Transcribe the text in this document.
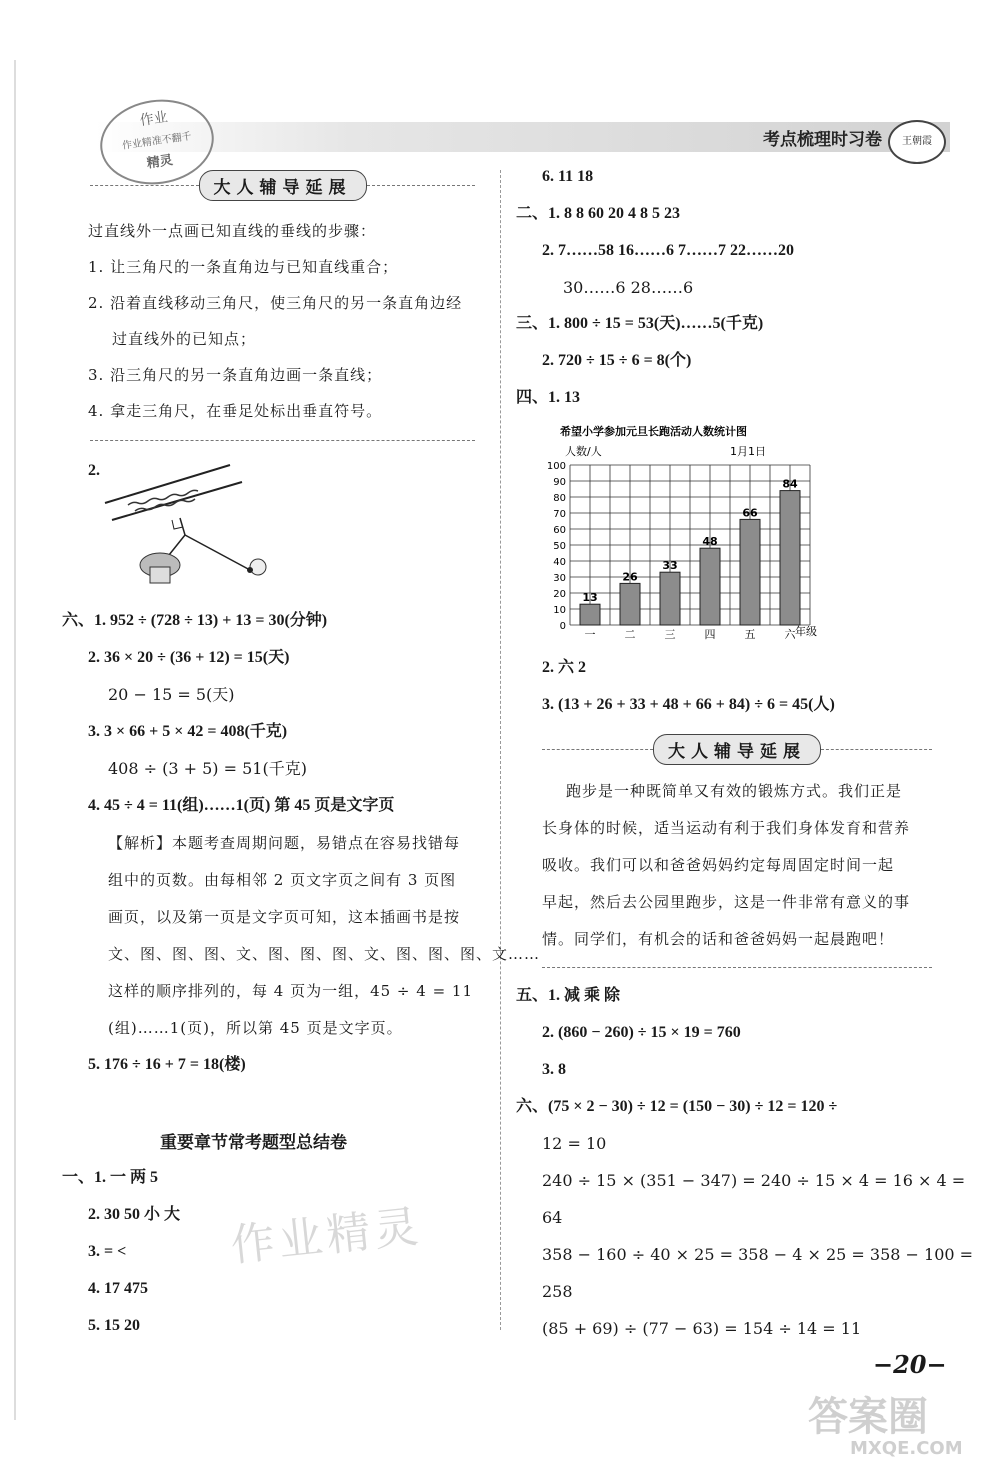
考点梳理时习卷	王朝霞
作业
作业精准不翻千
精灵
大人辅导延展
过直线外一点画已知直线的垂线的步骤：
1. 让三角尺的一条直角边与已知直线重合；
2. 沿着直线移动三角尺，使三角尺的另一条直角边经
过直线外的已知点；
3. 沿三角尺的另一条直角边画一条直线；
4. 拿走三角尺，在垂足处标出垂直符号。
2.
六、1. 952 ÷ (728 ÷ 13) + 13 = 30(分钟)
2. 36 × 20 ÷ (36 + 12) = 15(天)
20 − 15 = 5(天)
3. 3 × 66 + 5 × 42 = 408(千克)
408 ÷ (3 + 5) = 51(千克)
4. 45 ÷ 4 = 11(组)……1(页) 第 45 页是文字页
【解析】本题考查周期问题，易错点在容易找错每
组中的页数。由每相邻 2 页文字页之间有 3 页图
画页，以及第一页是文字页可知，这本插画书是按
文、图、图、图、文、图、图、图、文、图、图、图、文……
这样的顺序排列的，每 4 页为一组，45 ÷ 4 = 11
(组)……1(页)，所以第 45 页是文字页。
5. 176 ÷ 16 + 7 = 18(楼)
重要章节常考题型总结卷
一、1. 一 两 5
2. 30 50 小 大
3. = <
4. 17 475
5. 15 20
作业精灵
6. 11 18
二、1. 8 8 60 20 4 8 5 23
2. 7……58 16……6 7……7 22……20
30……6 28……6
三、1. 800 ÷ 15 = 53(天)……5(千克)
2. 720 ÷ 15 ÷ 6 = 8(个)
四、1. 13
希望小学参加元旦长跑活动人数统计图
人数/人	1月1日
年级
0
10
20
30
40
50
60
70
80
90
100
13
一
26
二
33
三
48
四
66
五
84
六
2. 六 2
3. (13 + 26 + 33 + 48 + 66 + 84) ÷ 6 = 45(人)
大人辅导延展
跑步是一种既简单又有效的锻炼方式。我们正是
长身体的时候，适当运动有利于我们身体发育和营养
吸收。我们可以和爸爸妈妈约定每周固定时间一起
早起，然后去公园里跑步，这是一件非常有意义的事
情。同学们，有机会的话和爸爸妈妈一起晨跑吧！
五、1. 减 乘 除
2. (860 − 260) ÷ 15 × 19 = 760
3. 8
六、(75 × 2 − 30) ÷ 12 = (150 − 30) ÷ 12 = 120 ÷
12 = 10
240 ÷ 15 × (351 − 347) = 240 ÷ 15 × 4 = 16 × 4 =
64
358 − 160 ÷ 40 × 25 = 358 − 4 × 25 = 358 − 100 =
258
(85 + 69) ÷ (77 − 63) = 154 ÷ 14 = 11
−20−
答案圈
MXQE.COM
